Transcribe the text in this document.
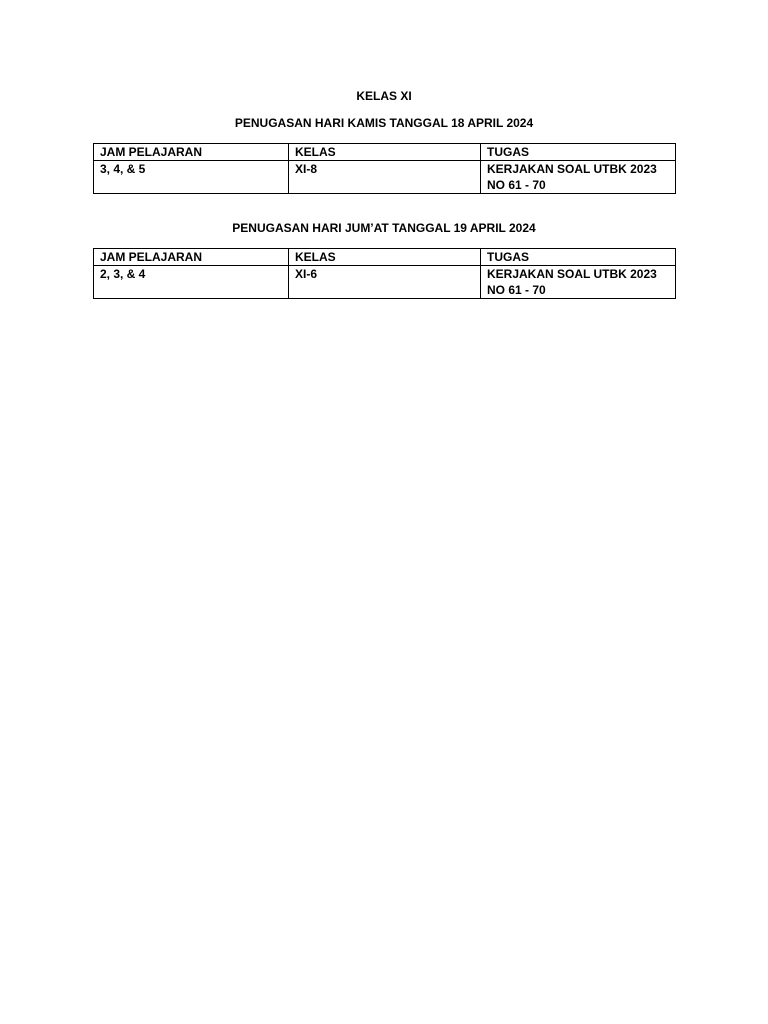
KELAS XI
PENUGASAN HARI KAMIS TANGGAL 18 APRIL 2024
JAM PELAJARAN	KELAS	TUGAS
3, 4, & 5	XI-8	KERJAKAN SOAL UTBK 2023
NO 61 - 70
PENUGASAN HARI JUM’AT TANGGAL 19 APRIL 2024
JAM PELAJARAN	KELAS	TUGAS
2, 3, & 4	XI-6	KERJAKAN SOAL UTBK 2023
NO 61 - 70
